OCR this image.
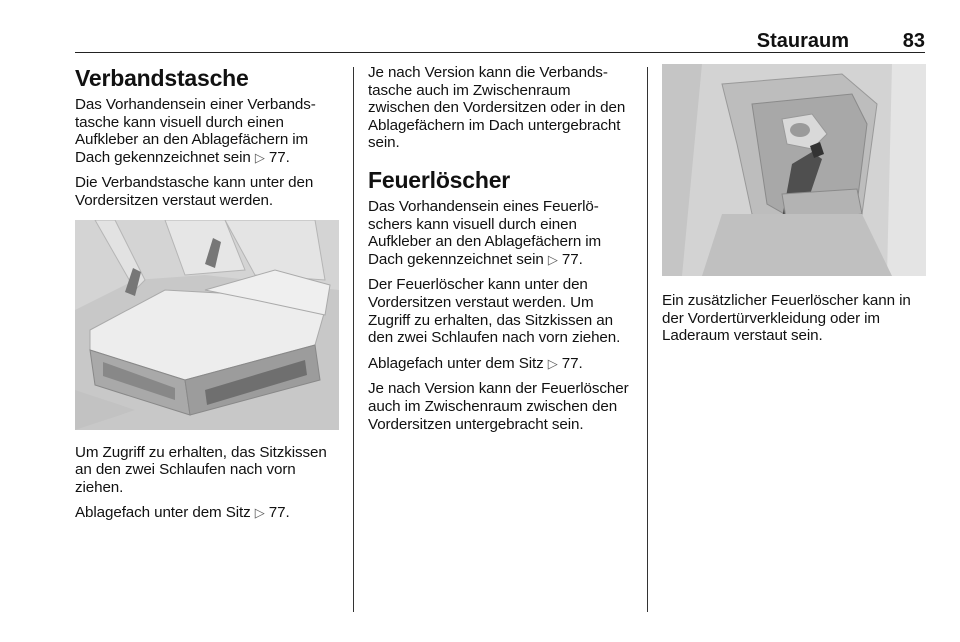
Stauraum	83
Verbandstasche

Das Vorhandensein einer Verbandstasche kann visuell durch einen Aufkleber an den Ablagefächern im Dach gekennzeichnet sein ▷ 77.

Die Verbandstasche kann unter den Vordersitzen verstaut werden.

Um Zugriff zu erhalten, das Sitzkissen an den zwei Schlaufen nach vorn ziehen.

Ablagefach unter dem Sitz ▷ 77.

Je nach Version kann die Verbandstasche auch im Zwischenraum zwischen den Vordersitzen oder in den Ablagefächern im Dach untergebracht sein.

Feuerlöscher

Das Vorhandensein eines Feuerlöschers kann visuell durch einen Aufkleber an den Ablagefächern im Dach gekennzeichnet sein ▷ 77.

Der Feuerlöscher kann unter den Vordersitzen verstaut werden. Um Zugriff zu erhalten, das Sitzkissen an den zwei Schlaufen nach vorn ziehen.

Ablagefach unter dem Sitz ▷ 77.

Je nach Version kann der Feuerlöscher auch im Zwischenraum zwischen den Vordersitzen untergebracht sein.

Ein zusätzlicher Feuerlöscher kann in der Vordertürverkleidung oder im Laderaum verstaut sein.
